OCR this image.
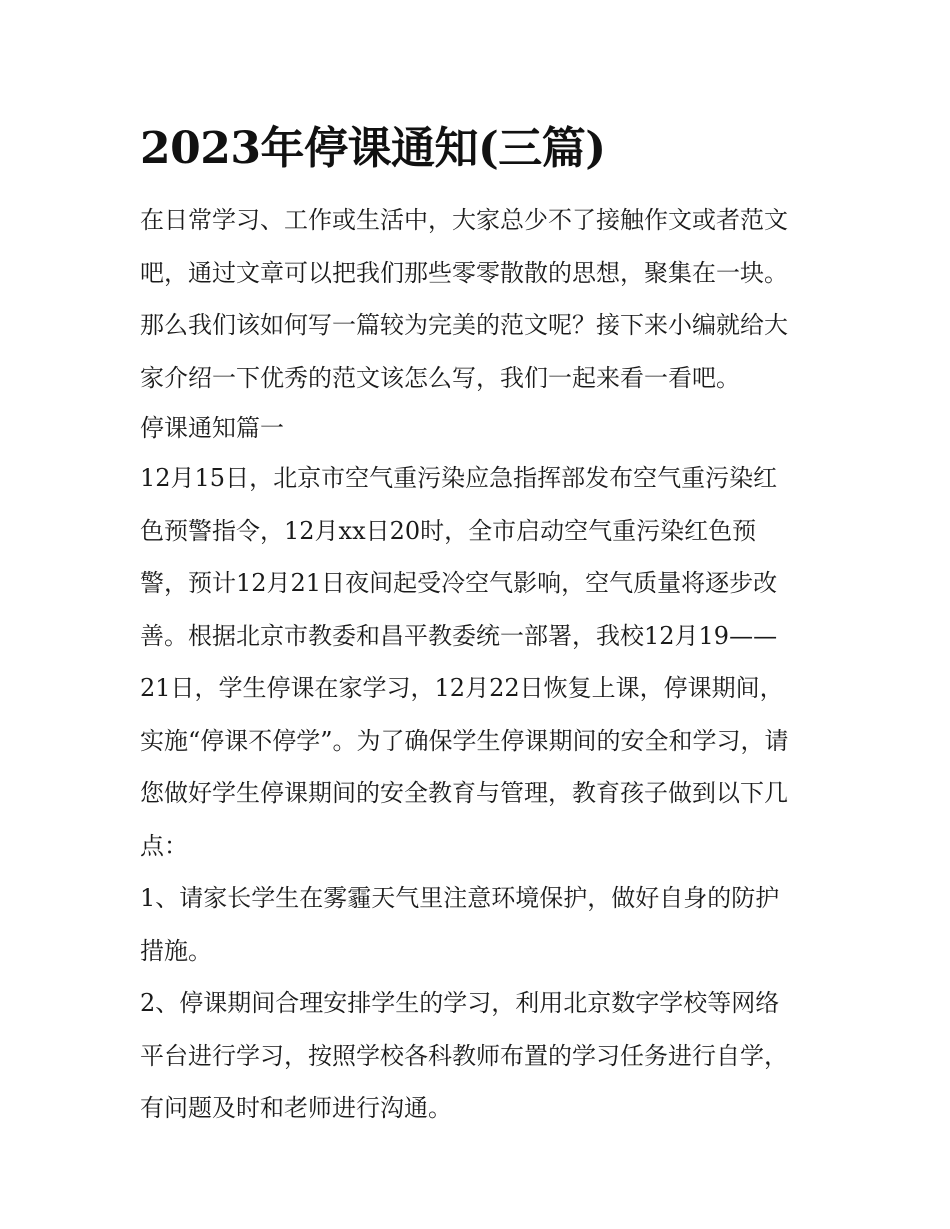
2023年停课通知(三篇)

在日常学习、工作或生活中，大家总少不了接触作文或者范文

吧，通过文章可以把我们那些零零散散的思想，聚集在一块。

那么我们该如何写一篇较为完美的范文呢？接下来小编就给大

家介绍一下优秀的范文该怎么写，我们一起来看一看吧。

停课通知篇一

12月15日，北京市空气重污染应急指挥部发布空气重污染红

色预警指令，12月xx日20时，全市启动空气重污染红色预

警，预计12月21日夜间起受冷空气影响，空气质量将逐步改

善。根据北京市教委和昌平教委统一部署，我校12月19——

21日，学生停课在家学习，12月22日恢复上课，停课期间，

实施“停课不停学”。为了确保学生停课期间的安全和学习，请

您做好学生停课期间的安全教育与管理，教育孩子做到以下几

点：

1、请家长学生在雾霾天气里注意环境保护，做好自身的防护

措施。

2、停课期间合理安排学生的学习，利用北京数字学校等网络

平台进行学习，按照学校各科教师布置的学习任务进行自学，

有问题及时和老师进行沟通。
